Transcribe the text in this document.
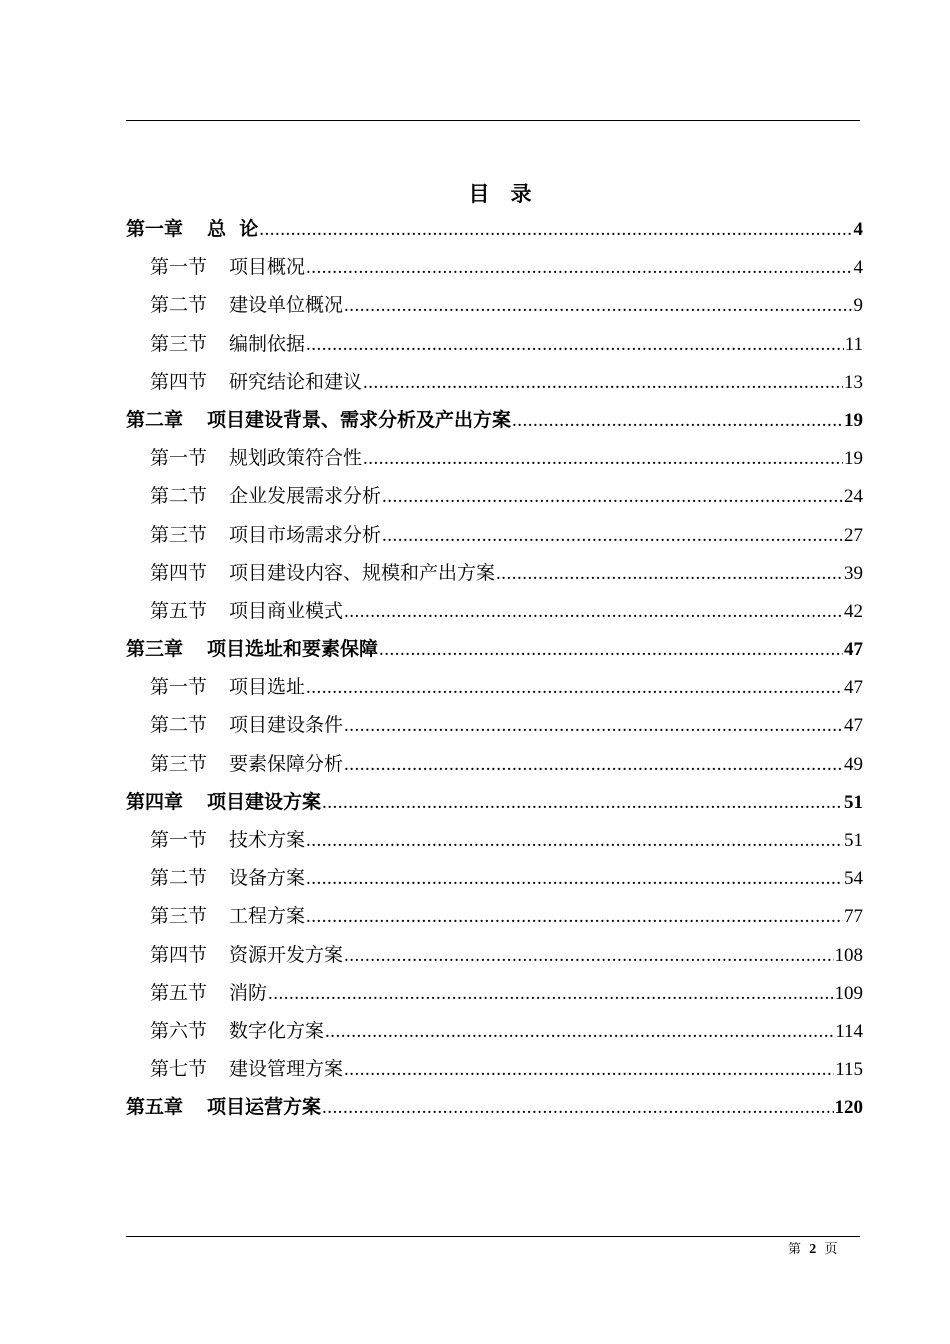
目　录
第一章 总  论 .....	4
第一节 项目概况 .....	4
第二节 建设单位概况 .....	9
第三节 编制依据 .....	11
第四节 研究结论和建议 .....	13
第二章 项目建设背景、需求分析及产出方案 .....	19
第一节 规划政策符合性 .....	19
第二节 企业发展需求分析 .....	24
第三节 项目市场需求分析 .....	27
第四节 项目建设内容、规模和产出方案 .....	39
第五节 项目商业模式 .....	42
第三章 项目选址和要素保障 .....	47
第一节 项目选址 .....	47
第二节 项目建设条件 .....	47
第三节 要素保障分析 .....	49
第四章 项目建设方案 .....	51
第一节 技术方案 .....	51
第二节 设备方案 .....	54
第三节 工程方案 .....	77
第四节 资源开发方案 .....	108
第五节 消防 .....	109
第六节 数字化方案 .....	114
第七节 建设管理方案 .....	115
第五章 项目运营方案 .....	120
第 2 页
